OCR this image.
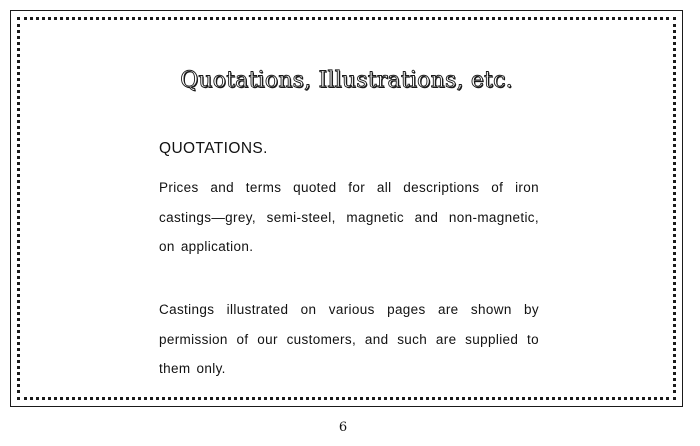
Quotations, Illustrations, etc.
QUOTATIONS.

Prices and terms quoted for all descriptions of iron castings—grey, semi-steel, magnetic and non-magnetic, on application.

Castings illustrated on various pages are shown by permission of our customers, and such are supplied to them only.

6
